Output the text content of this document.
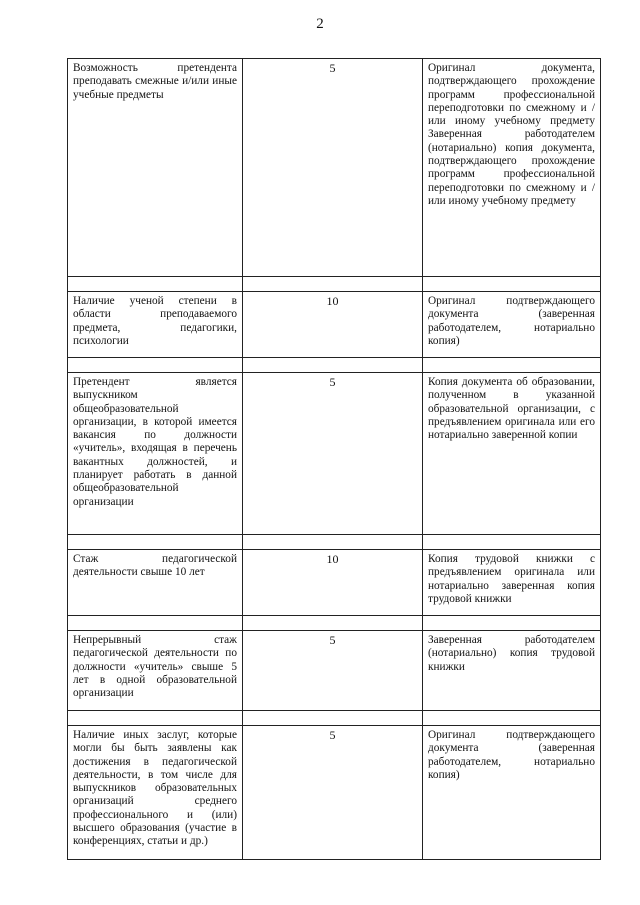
2
Возможность претендента преподавать смежные и/или иные учебные предметы	5	Оригинал документа, подтверждающего прохождение программ профессиональной переподготовки по смежному и /или иному учебному предмету Заверенная работодателем (нотариально) копия документа, подтверждающего прохождение программ профессиональной переподготовки по смежному и /или иному учебному предмету

Наличие ученой степени в области преподаваемого предмета, педагогики, психологии	10	Оригинал подтверждающего документа (заверенная работодателем, нотариально копия)

Претендент является выпускником общеобразовательной организации, в которой имеется вакансия по должности «учитель», входящая в перечень вакантных должностей, и планирует работать в данной общеобразовательной организации	5	Копия документа об образовании, полученном в указанной образовательной организации, с предъявлением оригинала или его нотариально заверенной копии

Стаж педагогической деятельности свыше 10 лет	10	Копия трудовой книжки с предъявлением оригинала или нотариально заверенная копия трудовой книжки

Непрерывный стаж педагогической деятельности по должности «учитель» свыше 5 лет в одной образовательной организации	5	Заверенная работодателем (нотариально) копия трудовой книжки

Наличие иных заслуг, которые могли бы быть заявлены как достижения в педагогической деятельности, в том числе для выпускников образовательных организаций среднего профессионального и (или) высшего образования (участие в конференциях, статьи и др.)	5	Оригинал подтверждающего документа (заверенная работодателем, нотариально копия)
